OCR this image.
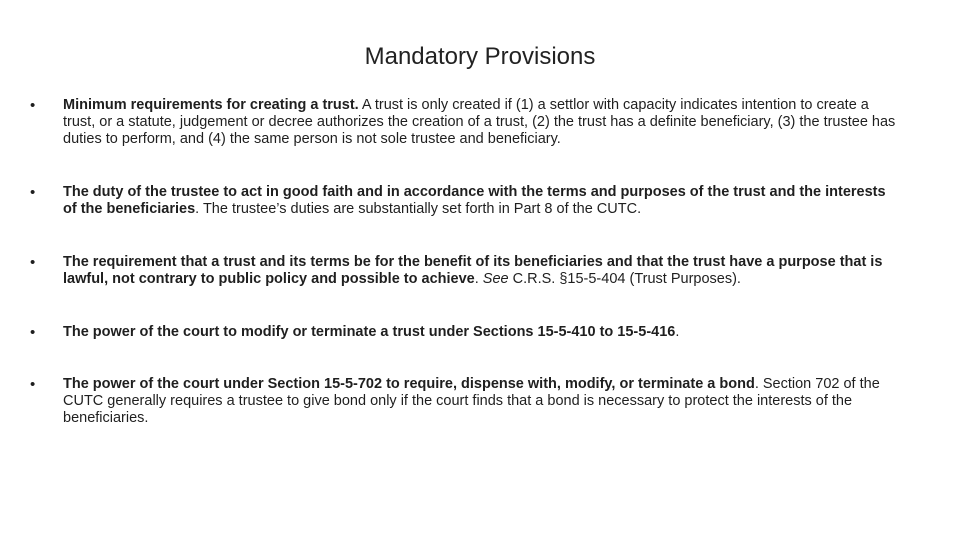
Mandatory Provisions
• Minimum requirements for creating a trust. A trust is only created if (1) a settlor with capacity indicates intention to create a trust, or a statute, judgement or decree authorizes the creation of a trust, (2) the trust has a definite beneficiary, (3) the trustee has duties to perform, and (4) the same person is not sole trustee and beneficiary.
• The duty of the trustee to act in good faith and in accordance with the terms and purposes of the trust and the interests of the beneficiaries. The trustee’s duties are substantially set forth in Part 8 of the CUTC.
• The requirement that a trust and its terms be for the benefit of its beneficiaries and that the trust have a purpose that is lawful, not contrary to public policy and possible to achieve. See C.R.S. §15-5-404 (Trust Purposes).
• The power of the court to modify or terminate a trust under Sections 15-5-410 to 15-5-416.
• The power of the court under Section 15-5-702 to require, dispense with, modify, or terminate a bond. Section 702 of the CUTC generally requires a trustee to give bond only if the court finds that a bond is necessary to protect the interests of the beneficiaries.
